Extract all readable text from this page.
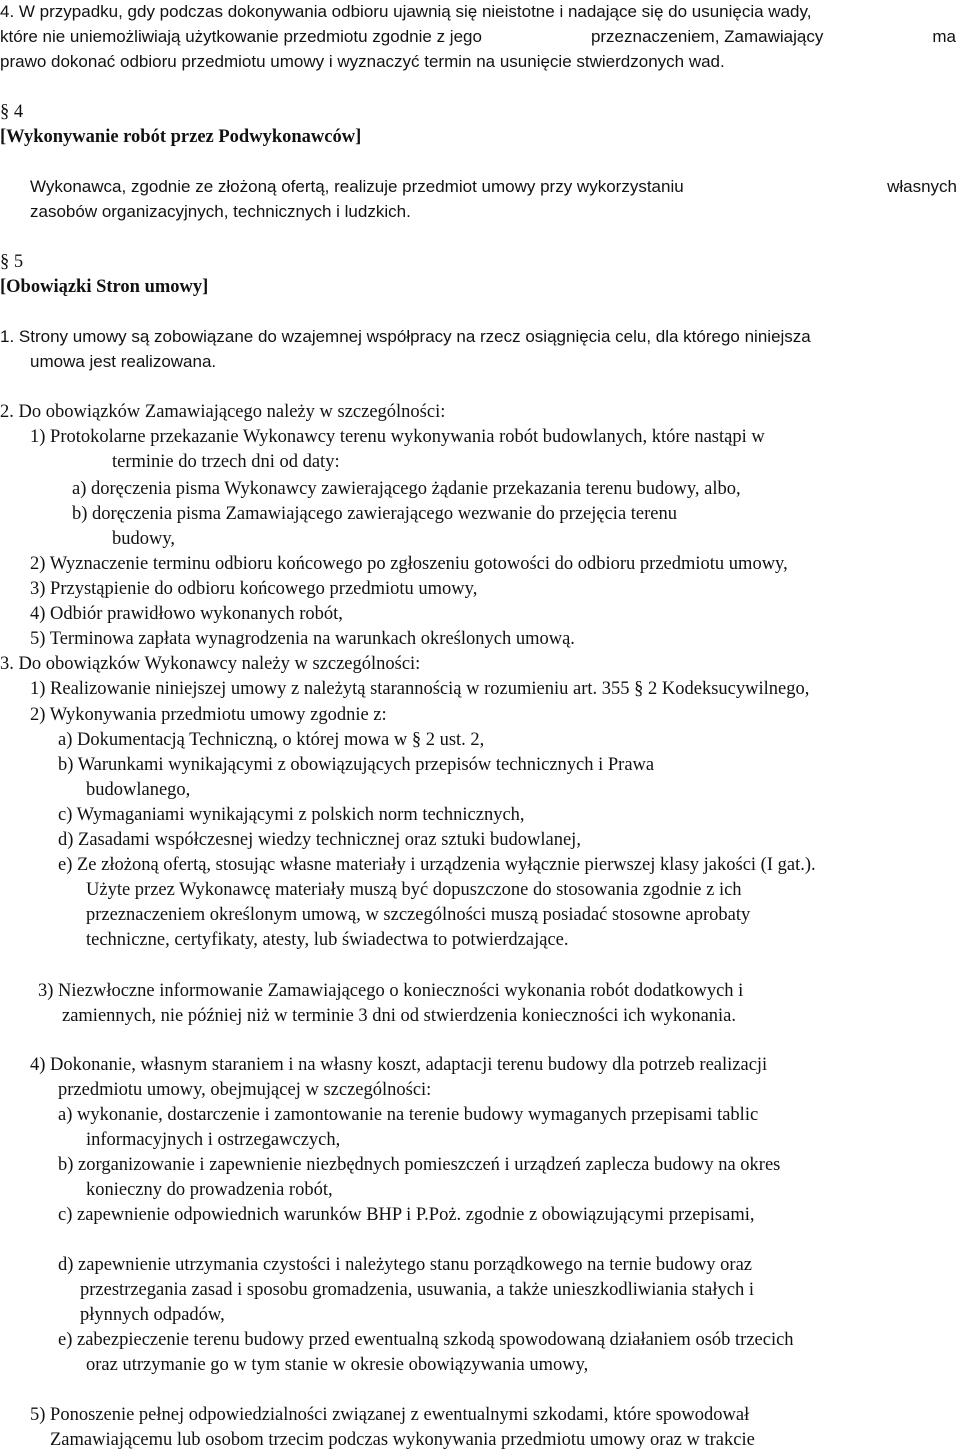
4. W przypadku, gdy podczas dokonywania odbioru ujawnią się nieistotne i nadające się do usunięcia wady,
które nie uniemożliwiają użytkowanie przedmiotu zgodnie z jego	przeznaczeniem, Zamawiający	ma
prawo dokonać odbioru przedmiotu umowy i wyznaczyć termin na usunięcie stwierdzonych wad.
§ 4
[Wykonywanie robót przez Podwykonawców]
Wykonawca, zgodnie ze złożoną ofertą, realizuje przedmiot umowy przy wykorzystaniu	własnych
zasobów organizacyjnych, technicznych i ludzkich.
§ 5
[Obowiązki Stron umowy]
1. Strony umowy są zobowiązane do wzajemnej współpracy na rzecz osiągnięcia celu, dla którego niniejsza
umowa jest realizowana.
2. Do obowiązków Zamawiającego należy w szczególności:
1) Protokolarne przekazanie Wykonawcy terenu wykonywania robót budowlanych, które nastąpi w
terminie do trzech dni od daty:
a) doręczenia pisma Wykonawcy zawierającego żądanie przekazania terenu budowy, albo,
b) doręczenia pisma Zamawiającego zawierającego wezwanie do przejęcia terenu
budowy,
2) Wyznaczenie terminu odbioru końcowego po zgłoszeniu gotowości do odbioru przedmiotu umowy,
3) Przystąpienie do odbioru końcowego przedmiotu umowy,
4) Odbiór prawidłowo wykonanych robót,
5) Terminowa zapłata wynagrodzenia na warunkach określonych umową.
3. Do obowiązków Wykonawcy należy w szczególności:
1) Realizowanie niniejszej umowy z należytą starannością w rozumieniu art. 355 § 2 Kodeksucywilnego,
2) Wykonywania przedmiotu umowy zgodnie z:
a) Dokumentacją Techniczną, o której mowa w § 2 ust. 2,
b) Warunkami wynikającymi z obowiązujących przepisów technicznych i Prawa
budowlanego,
c) Wymaganiami wynikającymi z polskich norm technicznych,
d) Zasadami współczesnej wiedzy technicznej oraz sztuki budowlanej,
e) Ze złożoną ofertą, stosując własne materiały i urządzenia wyłącznie pierwszej klasy jakości (I gat.).
Użyte przez Wykonawcę materiały muszą być dopuszczone do stosowania zgodnie z ich
przeznaczeniem określonym umową, w szczególności muszą posiadać stosowne aprobaty
techniczne, certyfikaty, atesty, lub świadectwa to potwierdzające.
3) Niezwłoczne informowanie Zamawiającego o konieczności wykonania robót dodatkowych i
zamiennych, nie później niż w terminie 3 dni od stwierdzenia konieczności ich wykonania.
4) Dokonanie, własnym staraniem i na własny koszt, adaptacji terenu budowy dla potrzeb realizacji
przedmiotu umowy, obejmującej w szczególności:
a) wykonanie, dostarczenie i zamontowanie na terenie budowy wymaganych przepisami tablic
informacyjnych i ostrzegawczych,
b) zorganizowanie i zapewnienie niezbędnych pomieszczeń i urządzeń zaplecza budowy na okres
konieczny do prowadzenia robót,
c) zapewnienie odpowiednich warunków BHP i P.Poż. zgodnie z obowiązującymi przepisami,
d) zapewnienie utrzymania czystości i należytego stanu porządkowego na ternie budowy oraz
przestrzegania zasad i sposobu gromadzenia, usuwania, a także unieszkodliwiania stałych i
płynnych odpadów,
e) zabezpieczenie terenu budowy przed ewentualną szkodą spowodowaną działaniem osób trzecich
oraz utrzymanie go w tym stanie w okresie obowiązywania umowy,
5) Ponoszenie pełnej odpowiedzialności związanej z ewentualnymi szkodami, które spowodował
Zamawiającemu lub osobom trzecim podczas wykonywania przedmiotu umowy oraz w trakcie
